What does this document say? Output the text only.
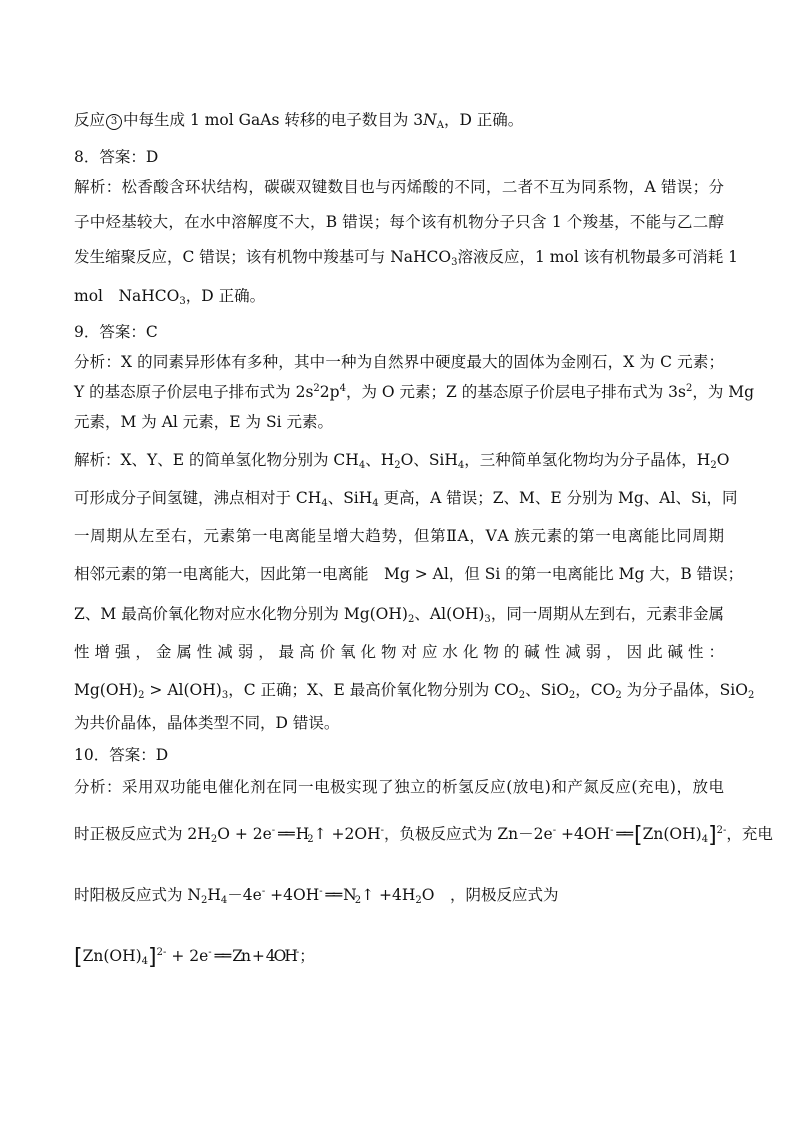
反应 3 中每生成 1 mol GaAs 转移的电子数目为 $3N_A$，D 正确。
8．答案：D
解析：松香酸含环状结构，碳碳双键数目也与丙烯酸的不同，二者不互为同系物，A 错误；分
子中烃基较大，在水中溶解度不大，B 错误；每个该有机物分子只含 1 个羧基，不能与乙二醇
发生缩聚反应，C 错误；该有机物中羧基可与 NaHCO$_3$溶液反应，1 mol 该有机物最多可消耗 1
mol　NaHCO$_3$，D 正确。
9．答案：C
分析：X 的同素异形体有多种，其中一种为自然界中硬度最大的固体为金刚石，X 为 C 元素；
Y 的基态原子价层电子排布式为 $2s^22p^4$，为 O 元素；Z 的基态原子价层电子排布式为 $3s^2$，为 Mg
元素，M 为 Al 元素，E 为 Si 元素。
解析：X、Y、E 的简单氢化物分别为 $CH_4$、$H_2O$、SiH$_4$，三种简单氢化物均为分子晶体，$H_2O$
可形成分子间氢键，沸点相对于 $CH_4$、SiH$_4$ 更高，A 错误；Z、M、E 分别为 Mg、Al、Si，同
一周期从左至右，元素第一电离能呈增大趋势，但第ⅡA，ⅤA 族元素的第一电离能比同周期
相邻元素的第一电离能大，因此第一电离能　Mg > Al，但 Si 的第一电离能比 Mg 大，B 错误；
Z、M 最高价氧化物对应水化物分别为 $Mg(OH)_2$、$Al(OH)_3$，同一周期从左到右，元素非金属
性增强，金属性减弱，最高价氧化物对应水化物的碱性减弱，因此碱性：
$Mg(OH)_2 > Al(OH)_3$，C 正确；X、E 最高价氧化物分别为 $CO_2$、SiO$_2$，$CO_2$ 为分子晶体，SiO$_2$
为共价晶体，晶体类型不同，D 错误。
10．答案：D
分析：采用双功能电催化剂在同一电极实现了独立的析氢反应(放电)和产氮反应(充电)，放电
时正极反应式为 $2H_2O + 2e^-$ ══ $H_2↑ +2OH^-$，负极反应式为 Zn－2e- +4OH- ══ $[Zn(OH)_4]^{2-}$，充电
时阳极反应式为 $N_2H_4-4e^- +4OH^-$ ══ $N_2↑ +4H_2O$　，阴极反应式为
$[Zn(OH)_4]^{2-} + 2e^-$ ══ Zn + 4OH-；
